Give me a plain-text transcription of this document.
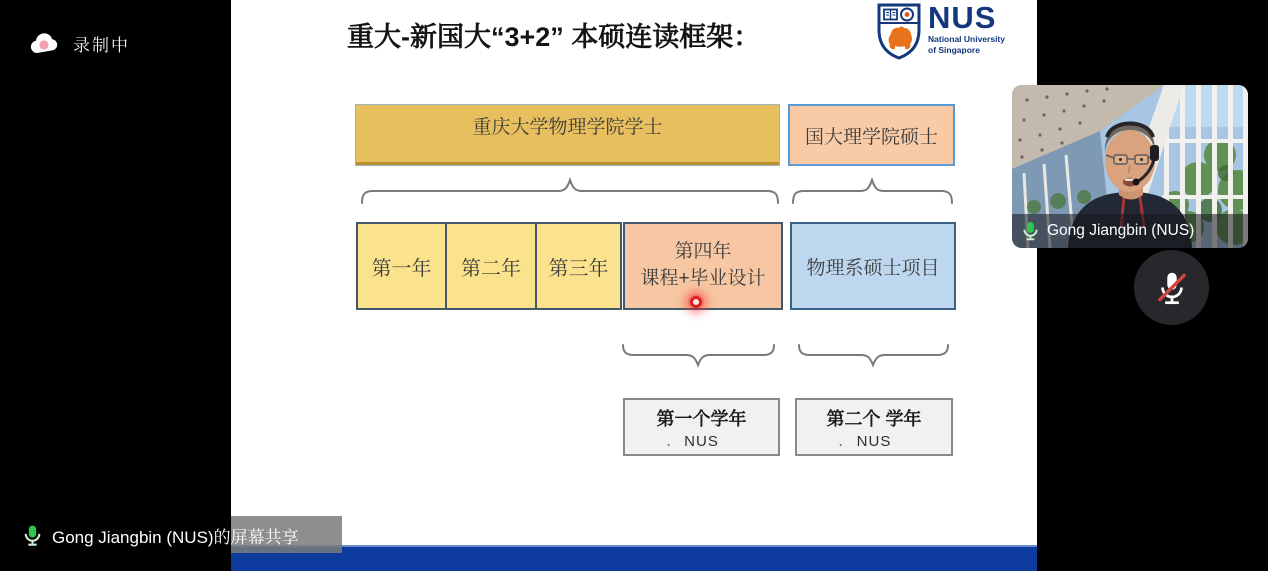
录制中	重大-新国大“3+2” 本硕连读框架：
NUS
National University
of Singapore
重庆大学物理学院学士	国大理学院硕士
第一年	第二年	第三年
第四年
课程+毕业设计	物理系硕士项目
第一个学年
. NUS
第二个 学年
. NUS
Gong Jiangbin (NUS)
Gong Jiangbin (NUS)的屏幕共享
